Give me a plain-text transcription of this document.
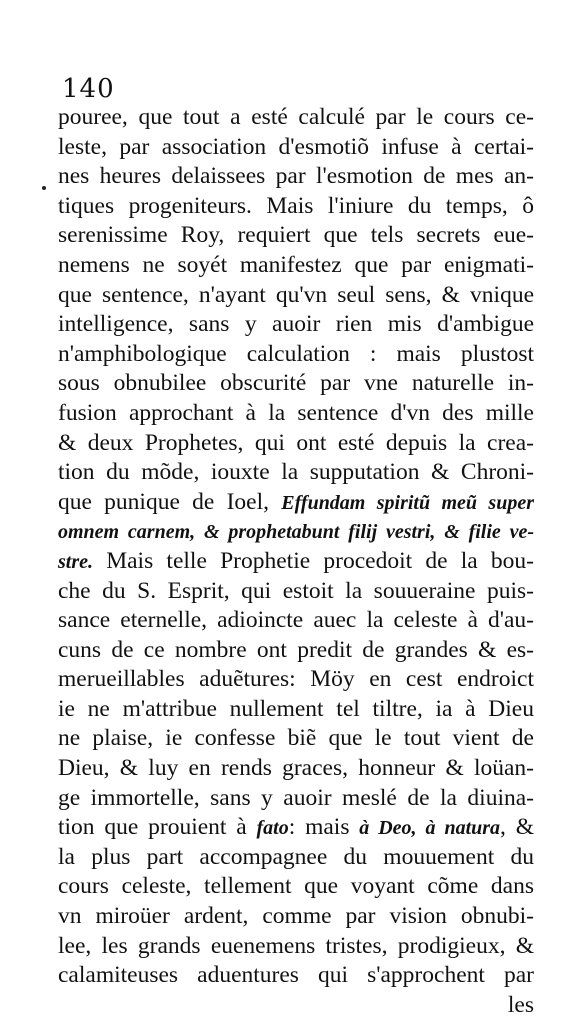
140
pouree, que tout a esté calculé par le cours ce-
leste, par association d'esmotiõ infuse à certai-
nes heures delaissees par l'esmotion de mes an-
tiques progeniteurs. Mais l'iniure du temps, ô
serenissime Roy, requiert que tels secrets eue-
nemens ne soyét manifestez que par enigmati-
que sentence, n'ayant qu'vn seul sens, & vnique
intelligence, sans y auoir rien mis d'ambigue
n'amphibologique calculation : mais plustost
sous obnubilee obscurité par vne naturelle in-
fusion approchant à la sentence d'vn des mille
& deux Prophetes, qui ont esté depuis la crea-
tion du mõde, iouxte la supputation & Chroni-
que punique de Ioel, Effundam spiritũ meũ super
omnem carnem, & prophetabunt filij vestri, & filie ve-
stre. Mais telle Prophetie procedoit de la bou-
che du S. Esprit, qui estoit la souueraine puis-
sance eternelle, adioincte auec la celeste à d'au-
cuns de ce nombre ont predit de grandes & es-
merueillables aduẽtures: Möy en cest endroict
ie ne m'attribue nullement tel tiltre, ia à Dieu
ne plaise, ie confesse biẽ que le tout vient de
Dieu, & luy en rends graces, honneur & loüan-
ge immortelle, sans y auoir meslé de la diuina-
tion que prouient à fato: mais à Deo, à natura, &
la plus part accompagnee du mouuement du
cours celeste, tellement que voyant cõme dans
vn miroüer ardent, comme par vision obnubi-
lee, les grands euenemens tristes, prodigieux, &
calamiteuses aduentures qui s'approchent par
les
